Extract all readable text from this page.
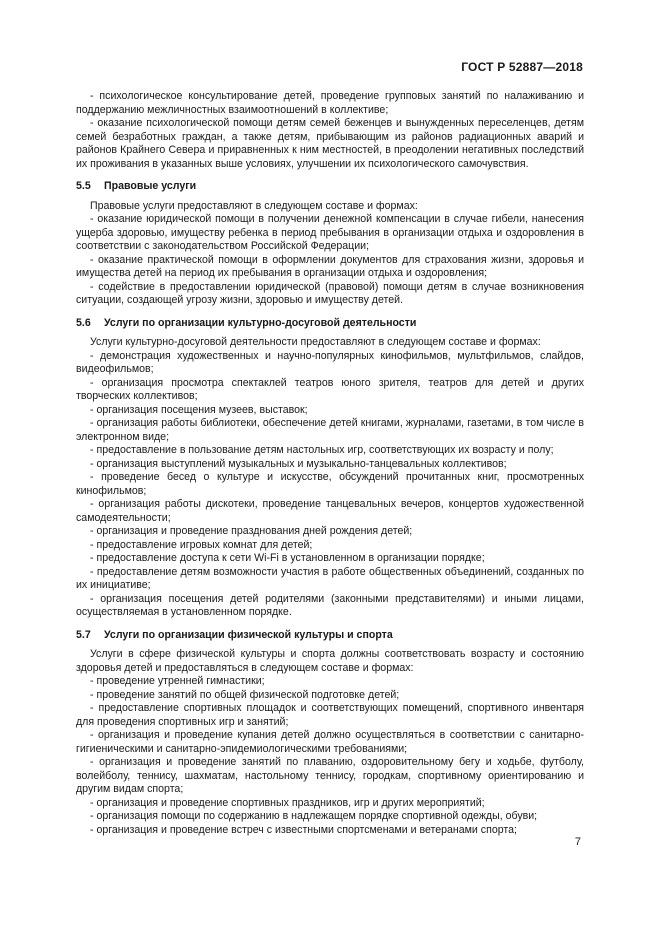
ГОСТ Р 52887—2018

- психологическое консультирование детей, проведение групповых занятий по налаживанию и поддержанию межличностных взаимоотношений в коллективе;

- оказание психологической помощи детям семей беженцев и вынужденных переселенцев, детям семей безработных граждан, а также детям, прибывающим из районов радиационных аварий и районов Крайнего Севера и приравненных к ним местностей, в преодолении негативных последствий их проживания в указанных выше условиях, улучшении их психологического самочувствия.

5.5 Правовые услуги

Правовые услуги предоставляют в следующем составе и формах:

- оказание юридической помощи в получении денежной компенсации в случае гибели, нанесения ущерба здоровью, имуществу ребенка в период пребывания в организации отдыха и оздоровления в соответствии с законодательством Российской Федерации;

- оказание практической помощи в оформлении документов для страхования жизни, здоровья и имущества детей на период их пребывания в организации отдыха и оздоровления;

- содействие в предоставлении юридической (правовой) помощи детям в случае возникновения ситуации, создающей угрозу жизни, здоровью и имуществу детей.

5.6 Услуги по организации культурно-досуговой деятельности

Услуги культурно-досуговой деятельности предоставляют в следующем составе и формах:

- демонстрация художественных и научно-популярных кинофильмов, мультфильмов, слайдов, видеофильмов;

- организация просмотра спектаклей театров юного зрителя, театров для детей и других творческих коллективов;

- организация посещения музеев, выставок;

- организация работы библиотеки, обеспечение детей книгами, журналами, газетами, в том числе в электронном виде;

- предоставление в пользование детям настольных игр, соответствующих их возрасту и полу;

- организация выступлений музыкальных и музыкально-танцевальных коллективов;

- проведение бесед о культуре и искусстве, обсуждений прочитанных книг, просмотренных кинофильмов;

- организация работы дискотеки, проведение танцевальных вечеров, концертов художественной самодеятельности;

- организация и проведение празднования дней рождения детей;

- предоставление игровых комнат для детей;

- предоставление доступа к сети Wi-Fi в установленном в организации порядке;

- предоставление детям возможности участия в работе общественных объединений, созданных по их инициативе;

- организация посещения детей родителями (законными представителями) и иными лицами, осуществляемая в установленном порядке.

5.7 Услуги по организации физической культуры и спорта

Услуги в сфере физической культуры и спорта должны соответствовать возрасту и состоянию здоровья детей и предоставляться в следующем составе и формах:

- проведение утренней гимнастики;

- проведение занятий по общей физической подготовке детей;

- предоставление спортивных площадок и соответствующих помещений, спортивного инвентаря для проведения спортивных игр и занятий;

- организация и проведение купания детей должно осуществляться в соответствии с санитарно-гигиеническими и санитарно-эпидемиологическими требованиями;

- организация и проведение занятий по плаванию, оздоровительному бегу и ходьбе, футболу, волейболу, теннису, шахматам, настольному теннису, городкам, спортивному ориентированию и другим видам спорта;

- организация и проведение спортивных праздников, игр и других мероприятий;

- организация помощи по содержанию в надлежащем порядке спортивной одежды, обуви;

- организация и проведение встреч с известными спортсменами и ветеранами спорта;

7
